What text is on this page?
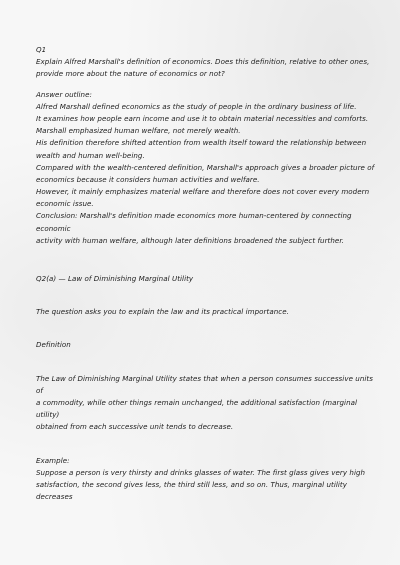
Q1

Explain Alfred Marshall's definition of economics. Does this definition, relative to other ones,

provide more about the nature of economics or not?

Answer outline:

Alfred Marshall defined economics as the study of people in the ordinary business of life.

It examines how people earn income and use it to obtain material necessities and comforts.

Marshall emphasized human welfare, not merely wealth.

His definition therefore shifted attention from wealth itself toward the relationship between

wealth and human well-being.

Compared with the wealth-centered definition, Marshall's approach gives a broader picture of

economics because it considers human activities and welfare.

However, it mainly emphasizes material welfare and therefore does not cover every modern

economic issue.

Conclusion: Marshall's definition made economics more human-centered by connecting economic

activity with human welfare, although later definitions broadened the subject further.

Q2(a) — Law of Diminishing Marginal Utility

The question asks you to explain the law and its practical importance.

Definition

The Law of Diminishing Marginal Utility states that when a person consumes successive units of

a commodity, while other things remain unchanged, the additional satisfaction (marginal utility)

obtained from each successive unit tends to decrease.

Example:

Suppose a person is very thirsty and drinks glasses of water. The first glass gives very high

satisfaction, the second gives less, the third still less, and so on. Thus, marginal utility decreases
